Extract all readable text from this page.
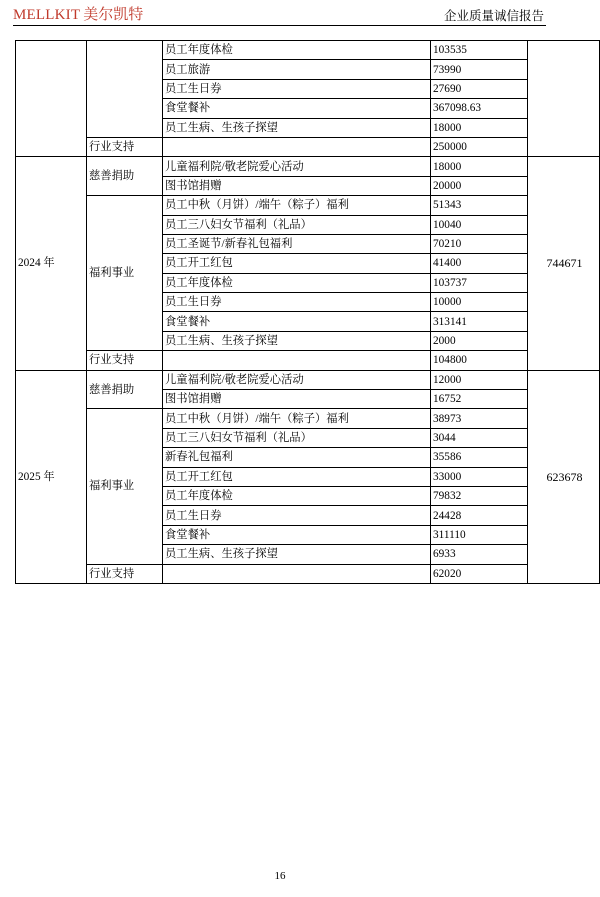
MELLKIT 美尔凯特	企业质量诚信报告
		员工年度体检	103535	
		员工旅游	73990	
		员工生日券	27690	
		食堂餐补	367098.63	
		员工生病、生孩子探望	18000	
	行业支持		250000	
2024 年	慈善捐助	儿童福利院/敬老院爱心活动	18000	744671
		图书馆捐赠	20000	
	福利事业	员工中秋（月饼）/端午（粽子）福利	51343	
		员工三八妇女节福利（礼品）	10040	
		员工圣诞节/新春礼包福利	70210	
		员工开工红包	41400	
		员工年度体检	103737	
		员工生日券	10000	
		食堂餐补	313141	
		员工生病、生孩子探望	2000	
	行业支持		104800	
2025 年	慈善捐助	儿童福利院/敬老院爱心活动	12000	623678
		图书馆捐赠	16752	
	福利事业	员工中秋（月饼）/端午（粽子）福利	38973	
		员工三八妇女节福利（礼品）	3044	
		新春礼包福利	35586	
		员工开工红包	33000	
		员工年度体检	79832	
		员工生日券	24428	
		食堂餐补	311110	
		员工生病、生孩子探望	6933	
	行业支持		62020	
16
